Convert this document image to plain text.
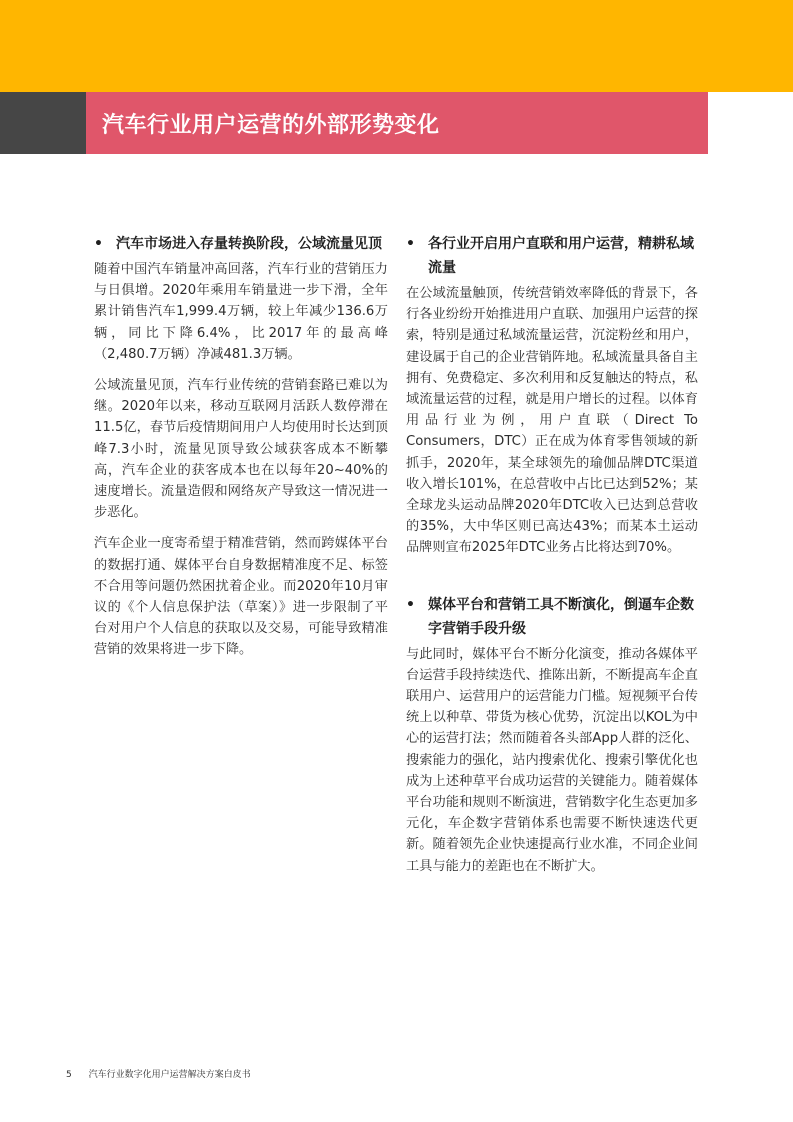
汽车行业用户运营的外部形势变化
• 汽车市场进入存量转换阶段，公域流量见顶

随着中国汽车销量冲高回落，汽车行业的营销压力与日俱增。2020年乘用车销量进一步下滑，全年累计销售汽车1,999.4万辆，较上年减少136.6万辆，同比下降6.4%，比2017年的最高峰（2,480.7万辆）净减481.3万辆。

公域流量见顶，汽车行业传统的营销套路已难以为继。2020年以来，移动互联网月活跃人数停滞在11.5亿，春节后疫情期间用户人均使用时长达到顶峰7.3小时，流量见顶导致公域获客成本不断攀高，汽车企业的获客成本也在以每年20~40%的速度增长。流量造假和网络灰产导致这一情况进一步恶化。

汽车企业一度寄希望于精准营销，然而跨媒体平台的数据打通、媒体平台自身数据精准度不足、标签不合用等问题仍然困扰着企业。而2020年10月审议的《个人信息保护法（草案）》进一步限制了平台对用户个人信息的获取以及交易，可能导致精准营销的效果将进一步下降。

• 各行业开启用户直联和用户运营，精耕私域流量

在公域流量触顶，传统营销效率降低的背景下，各行各业纷纷开始推进用户直联、加强用户运营的探索，特别是通过私域流量运营，沉淀粉丝和用户，建设属于自己的企业营销阵地。私域流量具备自主拥有、免费稳定、多次利用和反复触达的特点，私域流量运营的过程，就是用户增长的过程。以体育用品行业为例，用户直联（Direct To Consumers，DTC）正在成为体育零售领域的新抓手，2020年，某全球领先的瑜伽品牌DTC渠道收入增长101%，在总营收中占比已达到52%；某全球龙头运动品牌2020年DTC收入已达到总营收的35%，大中华区则已高达43%；而某本土运动品牌则宣布2025年DTC业务占比将达到70%。

• 媒体平台和营销工具不断演化，倒逼车企数字营销手段升级

与此同时，媒体平台不断分化演变，推动各媒体平台运营手段持续迭代、推陈出新，不断提高车企直联用户、运营用户的运营能力门槛。短视频平台传统上以种草、带货为核心优势，沉淀出以KOL为中心的运营打法；然而随着各头部App人群的泛化、搜索能力的强化，站内搜索优化、搜索引擎优化也成为上述种草平台成功运营的关键能力。随着媒体平台功能和规则不断演进，营销数字化生态更加多元化，车企数字营销体系也需要不断快速迭代更新。随着领先企业快速提高行业水准，不同企业间工具与能力的差距也在不断扩大。

5 汽车行业数字化用户运营解决方案白皮书
